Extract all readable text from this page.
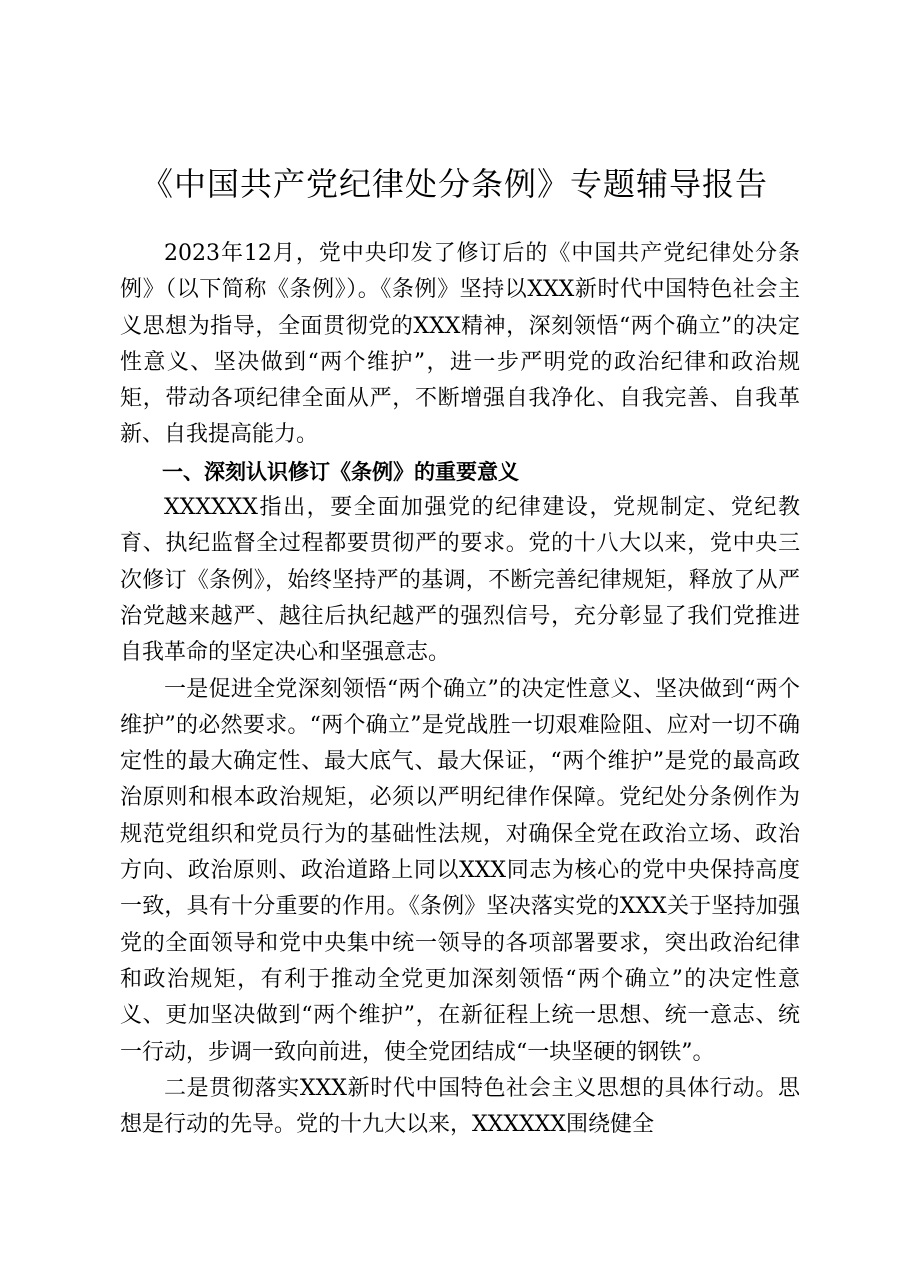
《中国共产党纪律处分条例》专题辅导报告

2023年12月，党中央印发了修订后的《中国共产党纪律处分条例》（以下简称《条例》）。《条例》坚持以XXX新时代中国特色社会主义思想为指导，全面贯彻党的XXX精神，深刻领悟“两个确立”的决定性意义、坚决做到“两个维护”，进一步严明党的政治纪律和政治规矩，带动各项纪律全面从严，不断增强自我净化、自我完善、自我革新、自我提高能力。

一、深刻认识修订《条例》的重要意义

XXXXXX指出，要全面加强党的纪律建设，党规制定、党纪教育、执纪监督全过程都要贯彻严的要求。党的十八大以来，党中央三次修订《条例》，始终坚持严的基调，不断完善纪律规矩，释放了从严治党越来越严、越往后执纪越严的强烈信号，充分彰显了我们党推进自我革命的坚定决心和坚强意志。

一是促进全党深刻领悟“两个确立”的决定性意义、坚决做到“两个维护”的必然要求。“两个确立”是党战胜一切艰难险阻、应对一切不确定性的最大确定性、最大底气、最大保证，“两个维护”是党的最高政治原则和根本政治规矩，必须以严明纪律作保障。党纪处分条例作为规范党组织和党员行为的基础性法规，对确保全党在政治立场、政治方向、政治原则、政治道路上同以XXX同志为核心的党中央保持高度一致，具有十分重要的作用。《条例》坚决落实党的XXX关于坚持加强党的全面领导和党中央集中统一领导的各项部署要求，突出政治纪律和政治规矩，有利于推动全党更加深刻领悟“两个确立”的决定性意义、更加坚决做到“两个维护”，在新征程上统一思想、统一意志、统一行动，步调一致向前进，使全党团结成“一块坚硬的钢铁”。

二是贯彻落实XXX新时代中国特色社会主义思想的具体行动。思想是行动的先导。党的十九大以来，XXXXXX围绕健全
